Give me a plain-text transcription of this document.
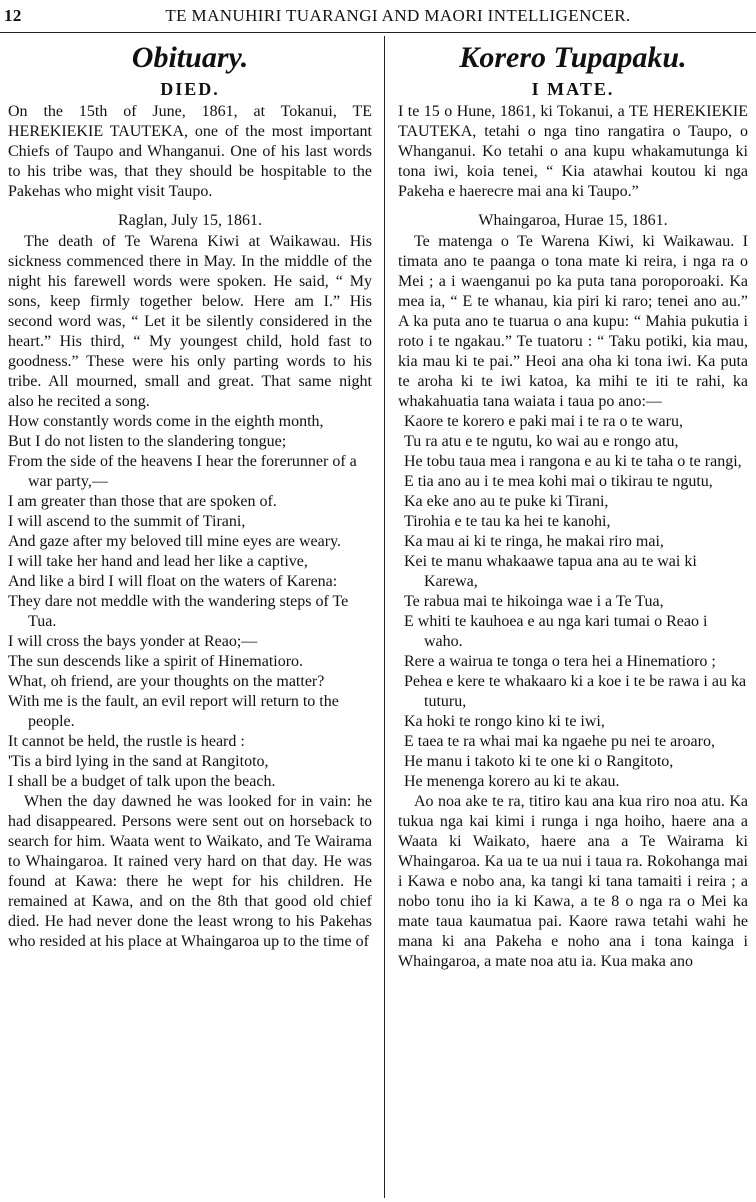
12	TE MANUHIRI TUARANGI AND MAORI INTELLIGENCER.
Obituary.
DIED.

On the 15th of June, 1861, at Tokanui, TE HEREKIEKIE TAUTEKA, one of the most important Chiefs of Taupo and Whanganui. One of his last words to his tribe was, that they should be hospitable to the Pakehas who might visit Taupo.

Raglan, July 15, 1861.

The death of Te Warena Kiwi at Waikawau. His sickness commenced there in May. In the middle of the night his farewell words were spoken. He said, “ My sons, keep firmly together below. Here am I.” His second word was, “ Let it be silently considered in the heart.” His third, “ My youngest child, hold fast to goodness.” These were his only parting words to his tribe. All mourned, small and great. That same night also he recited a song.

How constantly words come in the eighth month,

But I do not listen to the slandering tongue;

From the side of the heavens I hear the forerunner of a war party,—

I am greater than those that are spoken of.

I will ascend to the summit of Tirani,

And gaze after my beloved till mine eyes are weary.

I will take her hand and lead her like a captive,

And like a bird I will float on the waters of Karena:

They dare not meddle with the wandering steps of Te Tua.

I will cross the bays yonder at Reao;—

The sun descends like a spirit of Hinematioro.

What, oh friend, are your thoughts on the matter?

With me is the fault, an evil report will return to the people.

It cannot be held, the rustle is heard :

'Tis a bird lying in the sand at Rangitoto,

I shall be a budget of talk upon the beach.

When the day dawned he was looked for in vain: he had disappeared. Persons were sent out on horseback to search for him. Waata went to Waikato, and Te Wairama to Whaingaroa. It rained very hard on that day. He was found at Kawa: there he wept for his children. He remained at Kawa, and on the 8th that good old chief died. He had never done the least wrong to his Pakehas who resided at his place at Whaingaroa up to the time of

Korero Tupapaku.
I MATE.

I te 15 o Hune, 1861, ki Tokanui, a TE HEREKIEKIE TAUTEKA, tetahi o nga tino rangatira o Taupo, o Whanganui. Ko tetahi o ana kupu whakamutunga ki tona iwi, koia tenei, “ Kia atawhai koutou ki nga Pakeha e haerecre mai ana ki Taupo.”

Whaingaroa, Hurae 15, 1861.

Te matenga o Te Warena Kiwi, ki Waikawau. I timata ano te paanga o tona mate ki reira, i nga ra o Mei ; a i waenganui po ka puta tana poroporoaki. Ka mea ia, “ E te whanau, kia piri ki raro; tenei ano au.” A ka puta ano te tuarua o ana kupu: “ Mahia pukutia i roto i te ngakau.” Te tuatoru : “ Taku potiki, kia mau, kia mau ki te pai.” Heoi ana oha ki tona iwi. Ka puta te aroha ki te iwi katoa, ka mihi te iti te rahi, ka whakahuatia tana waiata i taua po ano:—

Kaore te korero e paki mai i te ra o te waru,

Tu ra atu e te ngutu, ko wai au e rongo atu,

He tobu taua mea i rangona e au ki te taha o te rangi,

E tia ano au i te mea kohi mai o tikirau te ngutu,

Ka eke ano au te puke ki Tirani,

Tirohia e te tau ka hei te kanohi,

Ka mau ai ki te ringa, he makai riro mai,

Kei te manu whakaawe tapua ana au te wai ki Karewa,

Te rabua mai te hikoinga wae i a Te Tua,

E whiti te kauhoea e au nga kari tumai o Reao i waho.

Rere a wairua te tonga o tera hei a Hinematioro ;

Pehea e kere te whakaaro ki a koe i te be rawa i au ka tuturu,

Ka hoki te rongo kino ki te iwi,

E taea te ra whai mai ka ngaehe pu nei te aroaro,

He manu i takoto ki te one ki o Rangitoto,

He menenga korero au ki te akau.

Ao noa ake te ra, titiro kau ana kua riro noa atu. Ka tukua nga kai kimi i runga i nga hoiho, haere ana a Waata ki Waikato, haere ana a Te Wairama ki Whaingaroa. Ka ua te ua nui i taua ra. Rokohanga mai i Kawa e nobo ana, ka tangi ki tana tamaiti i reira ; a nobo tonu iho ia ki Kawa, a te 8 o nga ra o Mei ka mate taua kaumatua pai. Kaore rawa tetahi wahi he mana ki ana Pakeha e noho ana i tona kainga i Whaingaroa, a mate noa atu ia. Kua maka ano
